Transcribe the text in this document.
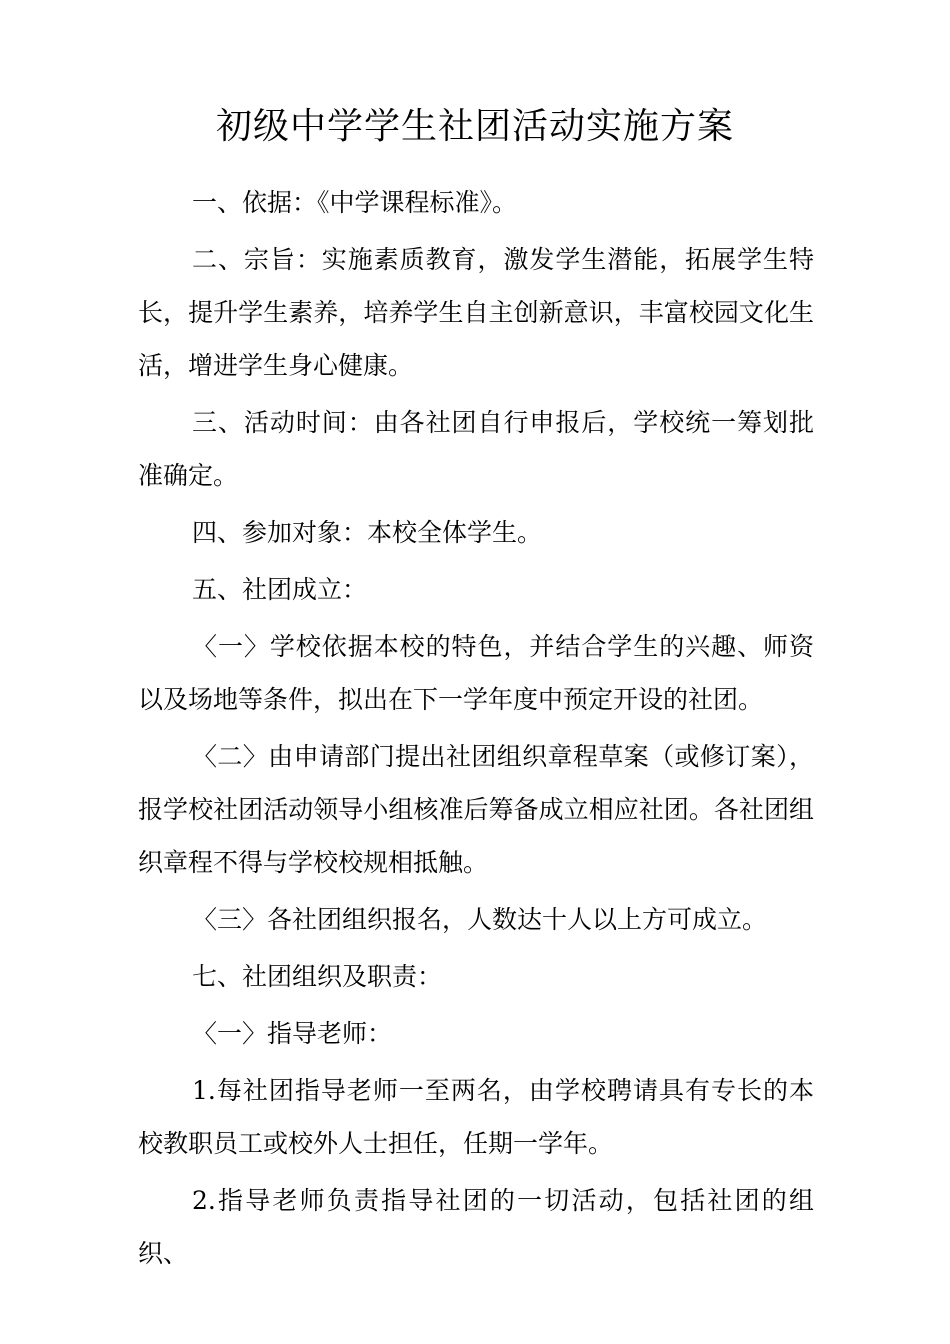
初级中学学生社团活动实施方案

一、依据：《中学课程标准》。

二、宗旨：实施素质教育，激发学生潜能，拓展学生特长，提升学生素养，培养学生自主创新意识，丰富校园文化生活，增进学生身心健康。

三、活动时间：由各社团自行申报后，学校统一筹划批准确定。

四、参加对象：本校全体学生。

五、社团成立：

〈一〉学校依据本校的特色，并结合学生的兴趣、师资以及场地等条件，拟出在下一学年度中预定开设的社团。

〈二〉由申请部门提出社团组织章程草案（或修订案），报学校社团活动领导小组核准后筹备成立相应社团。各社团组织章程不得与学校校规相抵触。

〈三〉各社团组织报名，人数达十人以上方可成立。

七、社团组织及职责：

〈一〉指导老师：

1.每社团指导老师一至两名，由学校聘请具有专长的本校教职员工或校外人士担任，任期一学年。

2.指导老师负责指导社团的一切活动，包括社团的组织、
